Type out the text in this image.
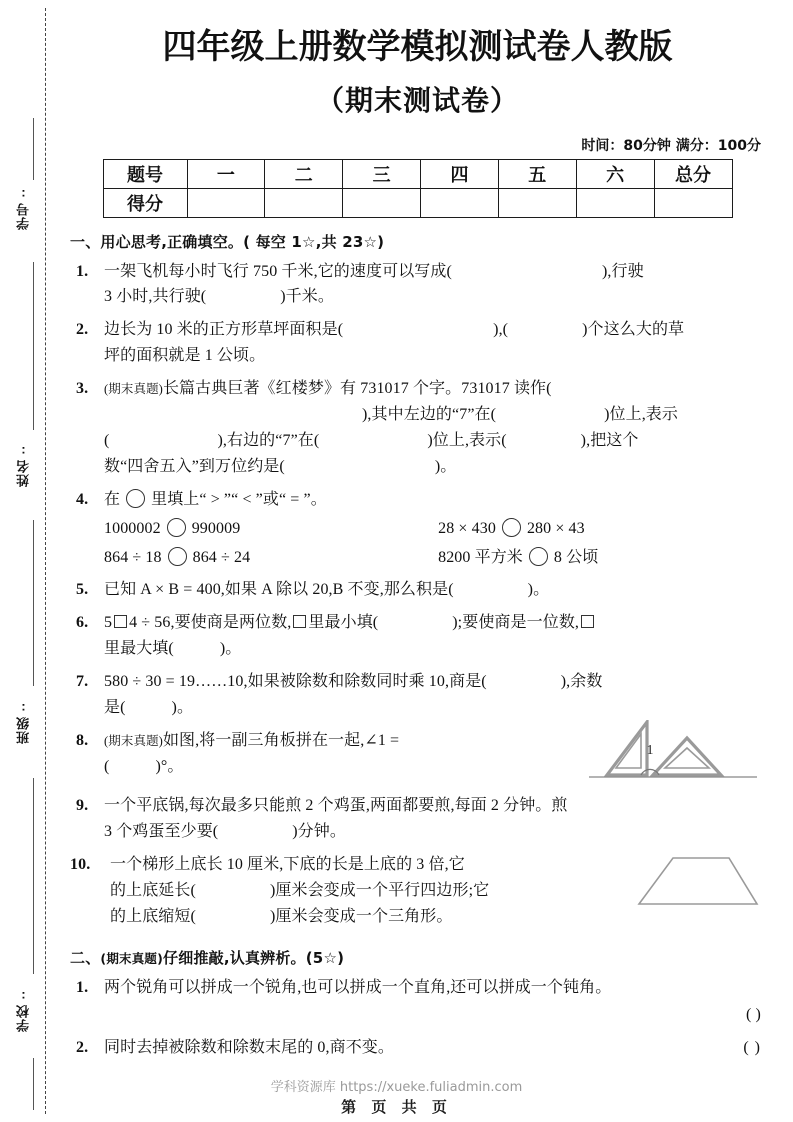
学号:
姓名:
班级:
学校:
四年级上册数学模拟测试卷人教版
（期末测试卷）
时间：80分钟 满分：100分
题号	一	二	三	四	五	六	总分
得分							
一、用心思考,正确填空。( 每空 1☆,共 23☆)
1. 一架飞机每小时飞行 750 千米,它的速度可以写成(	),行驶
3 小时,共行驶(	)千米。
2. 边长为 10 米的正方形草坪面积是(	),(	)个这么大的草
坪的面积就是 1 公顷。
3. (期末真题)长篇古典巨著《红楼梦》有 731017 个字。731017 读作(
),其中左边的“7”在(	)位上,表示
(	),右边的“7”在(	)位上,表示(	),把这个
数“四舍五入”到万位约是(	)。
4. 在 里填上“ > ”“ < ”或“ = ”。
1000002 990009	28 × 430 280 × 43
864 ÷ 18 864 ÷ 24	8200 平方米 8 公顷
5. 已知 A × B = 400,如果 A 除以 20,B 不变,那么积是(	)。
6. 5 4 ÷ 56,要使商是两位数, 里最小填(	);要使商是一位数,
里最大填(	)。
7. 580 ÷ 30 = 19……10,如果被除数和除数同时乘 10,商是(	),余数
是(	)。
8. (期末真题)如图,将一副三角板拼在一起,∠1 =
(	)°。
1
9. 一个平底锅,每次最多只能煎 2 个鸡蛋,两面都要煎,每面 2 分钟。煎
3 个鸡蛋至少要(	)分钟。
10. 一个梯形上底长 10 厘米,下底的长是上底的 3 倍,它
的上底延长(	)厘米会变成一个平行四边形;它
的上底缩短(	)厘米会变成一个三角形。
二、(期末真题)仔细推敲,认真辨析。(5☆)
1. 两个锐角可以拼成一个锐角,也可以拼成一个直角,还可以拼成一个钝角。
( )
2.	( )
同时去掉被除数和除数末尾的 0,商不变。
学科资源库 https://xueke.fuliadmin.com
第 页 共 页
